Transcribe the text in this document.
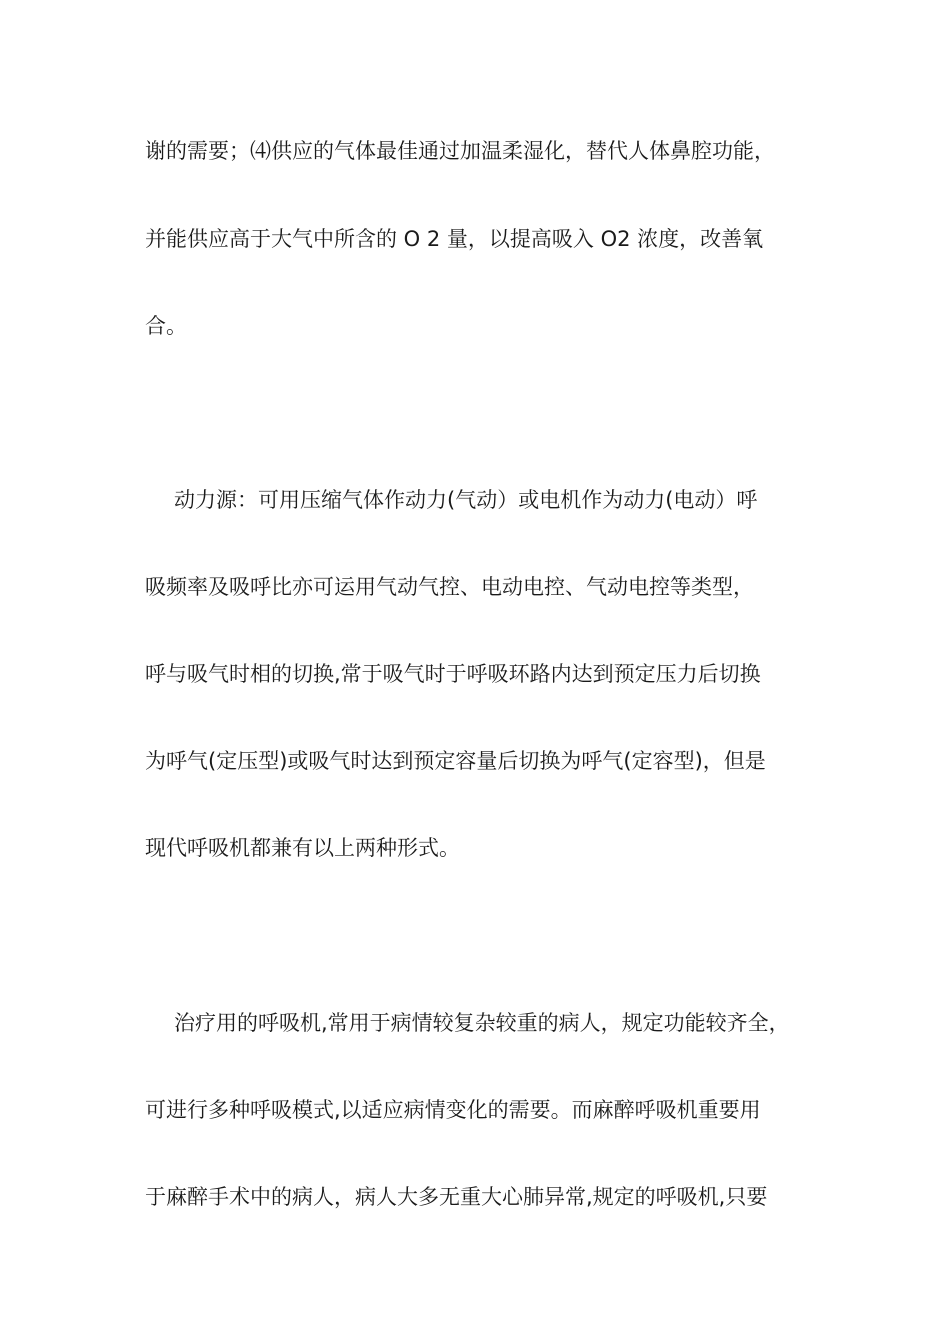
谢的需要；⑷供应的气体最佳通过加温柔湿化，替代人体鼻腔功能，
并能供应高于大气中所含的 O 2 量，以提高吸入 O2 浓度，改善氧
合。
动力源：可用压缩气体作动力(气动）或电机作为动力(电动）呼
吸频率及吸呼比亦可运用气动气控、电动电控、气动电控等类型，
呼与吸气时相的切换,常于吸气时于呼吸环路内达到预定压力后切换
为呼气(定压型)或吸气时达到预定容量后切换为呼气(定容型)，但是
现代呼吸机都兼有以上两种形式。
治疗用的呼吸机,常用于病情较复杂较重的病人，规定功能较齐全，
可进行多种呼吸模式,以适应病情变化的需要。而麻醉呼吸机重要用
于麻醉手术中的病人，病人大多无重大心肺异常,规定的呼吸机,只要
